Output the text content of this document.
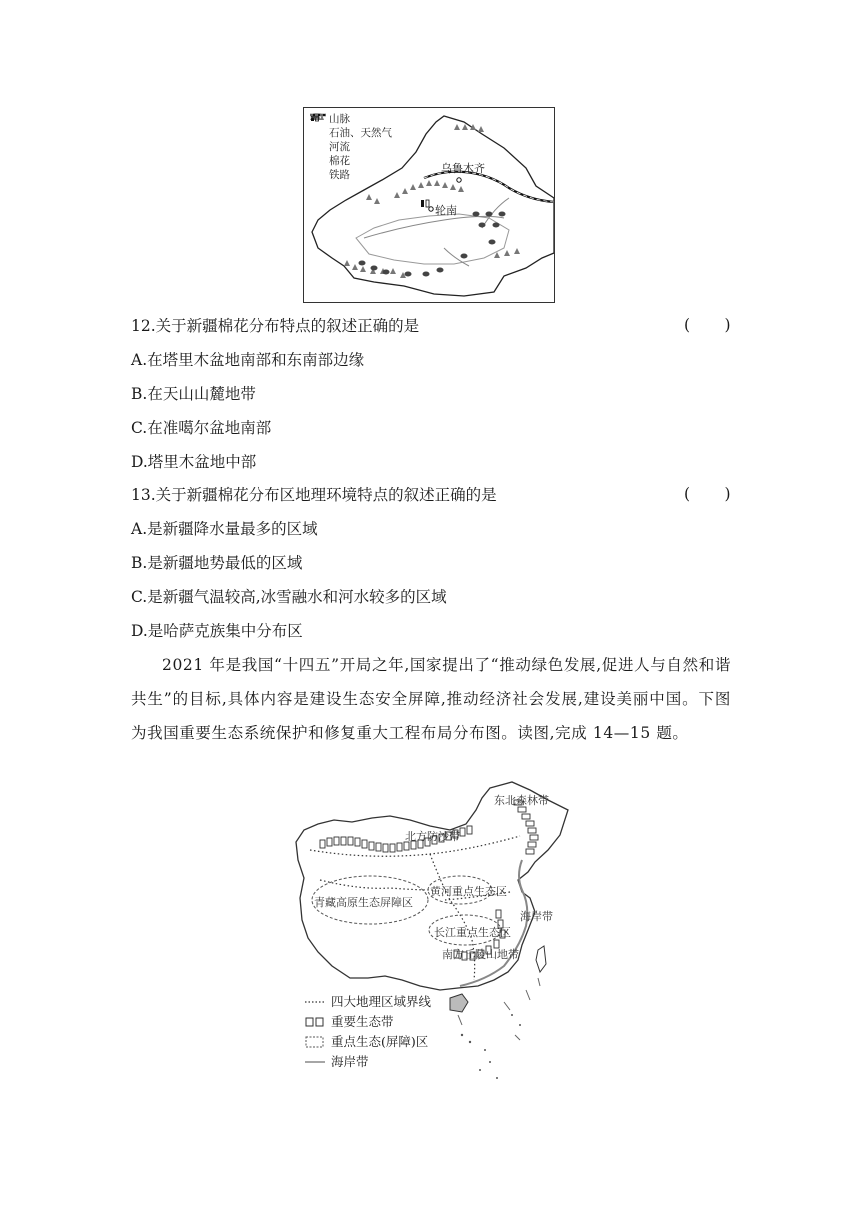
山脉
石油、天然气
河流
棉花
铁路	乌鲁木齐
轮南
12.关于新疆棉花分布特点的叙述正确的是	(       )
A.在塔里木盆地南部和东南部边缘
B.在天山山麓地带
C.在准噶尔盆地南部
D.塔里木盆地中部
13.关于新疆棉花分布区地理环境特点的叙述正确的是	(       )
A.是新疆降水量最多的区域
B.是新疆地势最低的区域
C.是新疆气温较高,冰雪融水和河水较多的区域
D.是哈萨克族集中分布区
2021 年是我国“十四五”开局之年,国家提出了“推动绿色发展,促进人与自然和谐共生”的目标,具体内容是建设生态安全屏障,推动经济社会发展,建设美丽中国。下图为我国重要生态系统保护和修复重大工程布局分布图。读图,完成 14—15 题。
东北森林带
北方防沙带
黄河重点生态区
青藏高原生态屏障区
长江重点生态区
南方丘陵山地带
海岸带
四大地理区域界线
重要生态带
重点生态(屏障)区
海岸带
